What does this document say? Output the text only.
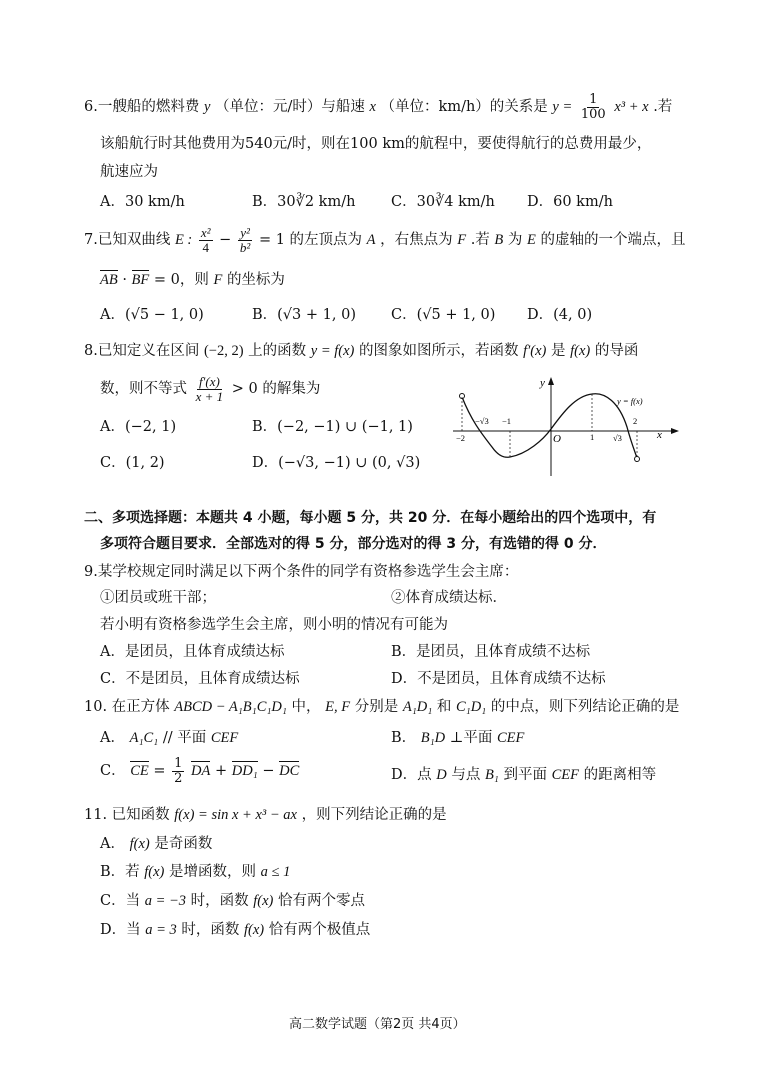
6.一艘船的燃料费 y （单位：元/时）与船速 x （单位：km/h）的关系是 $y = \frac{1}{100} x^3 + x$ .若
该船航行时其他费用为540元/时，则在100 km的航程中，要使得航行的总费用最少，
航速应为
A．30 km/h	B．30∛2 km/h C．30∛4 km/h D．60 km/h
7.已知双曲线 E : $\frac{\text{x²}}{4} - \frac{\text{y²}}{\text{b²}} = 1$ 的左顶点为 A ，右焦点为 F .若 B 为 E 的虚轴的一个端点，且
AB · BF = 0，则 F 的坐标为
A．(√5 − 1, 0)	B．(√3 + 1, 0) C．(√5 + 1, 0) D．(4, 0)
8.已知定义在区间 (−2, 2) 上的函数 y = f(x) 的图象如图所示，若函数 f′(x) 是 f(x) 的导函
数，则不等式 $\frac{f'(x)}{x + 1} > 0$ 的解集为
A．(−2, 1)	B．(−2, −1) ∪ (−1, 1)
C．(1, 2)	D．(−√3, −1) ∪ (0, √3)
y
x
O
y = f(x)
−2
−√3 −1
1 √3
2
二、多项选择题：本题共 4 小题，每小题 5 分，共 20 分．在每小题给出的四个选项中，有
多项符合题目要求．全部选对的得 5 分，部分选对的得 3 分，有选错的得 0 分．
9.某学校规定同时满足以下两个条件的同学有资格参选学生会主席：
①团员或班干部；	②体育成绩达标．
若小明有资格参选学生会主席，则小明的情况有可能为
A．是团员，且体育成绩达标	B．是团员，且体育成绩不达标
C．不是团员，且体育成绩达标	D．不是团员，且体育成绩不达标
10. 在正方体 ABCD − A₁B₁C₁D₁ 中， E, F 分别是 A₁D₁ 和 C₁D₁ 的中点，则下列结论正确的是
A． A₁C₁ // 平面 CEF	B． B₁D ⊥平面 CEF
C． CE = $\frac{1}{2}$ DA + DD₁ − DC	D．点 D 与点 B₁ 到平面 CEF 的距离相等
11. 已知函数 f(x) = sin x + x³ − ax ，则下列结论正确的是
A． f(x) 是奇函数
B．若 f(x) 是增函数，则 a ≤ 1
C．当 a = −3 时，函数 f(x) 恰有两个零点
D．当 a = 3 时，函数 f(x) 恰有两个极值点
高二数学试题（第2页 共4页）
